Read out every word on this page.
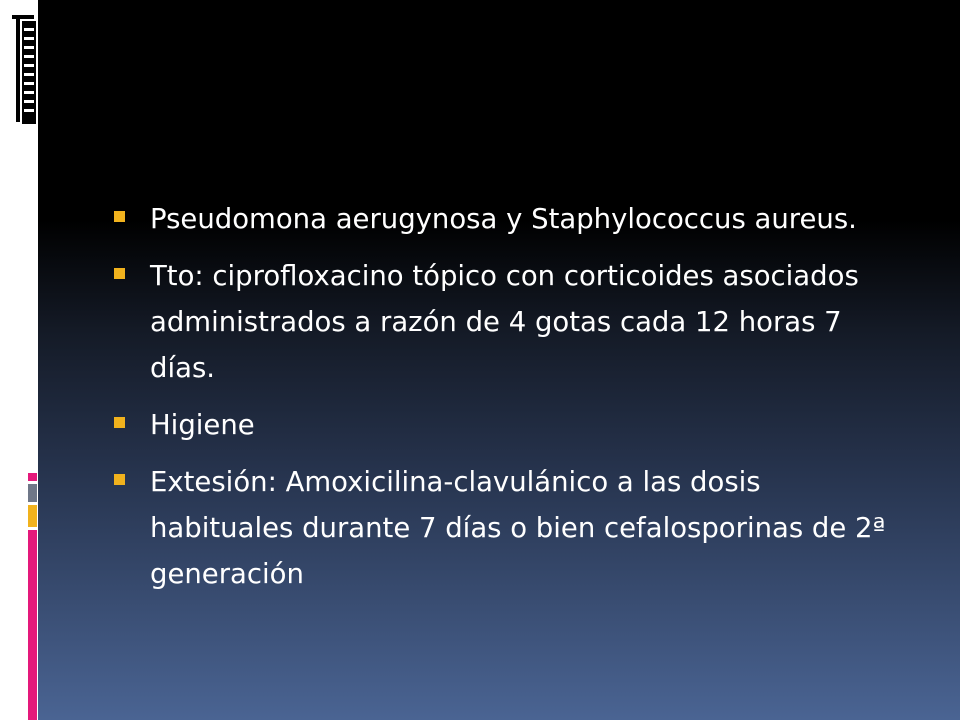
Pseudomona aerugynosa y Staphylococcus aureus.
Tto: ciprofloxacino tópico con corticoides asociados administrados a razón de 4 gotas cada 12 horas 7 días.
Higiene
Extesión: Amoxicilina-clavulánico a las dosis habituales durante 7 días o bien cefalosporinas de 2ª generación
